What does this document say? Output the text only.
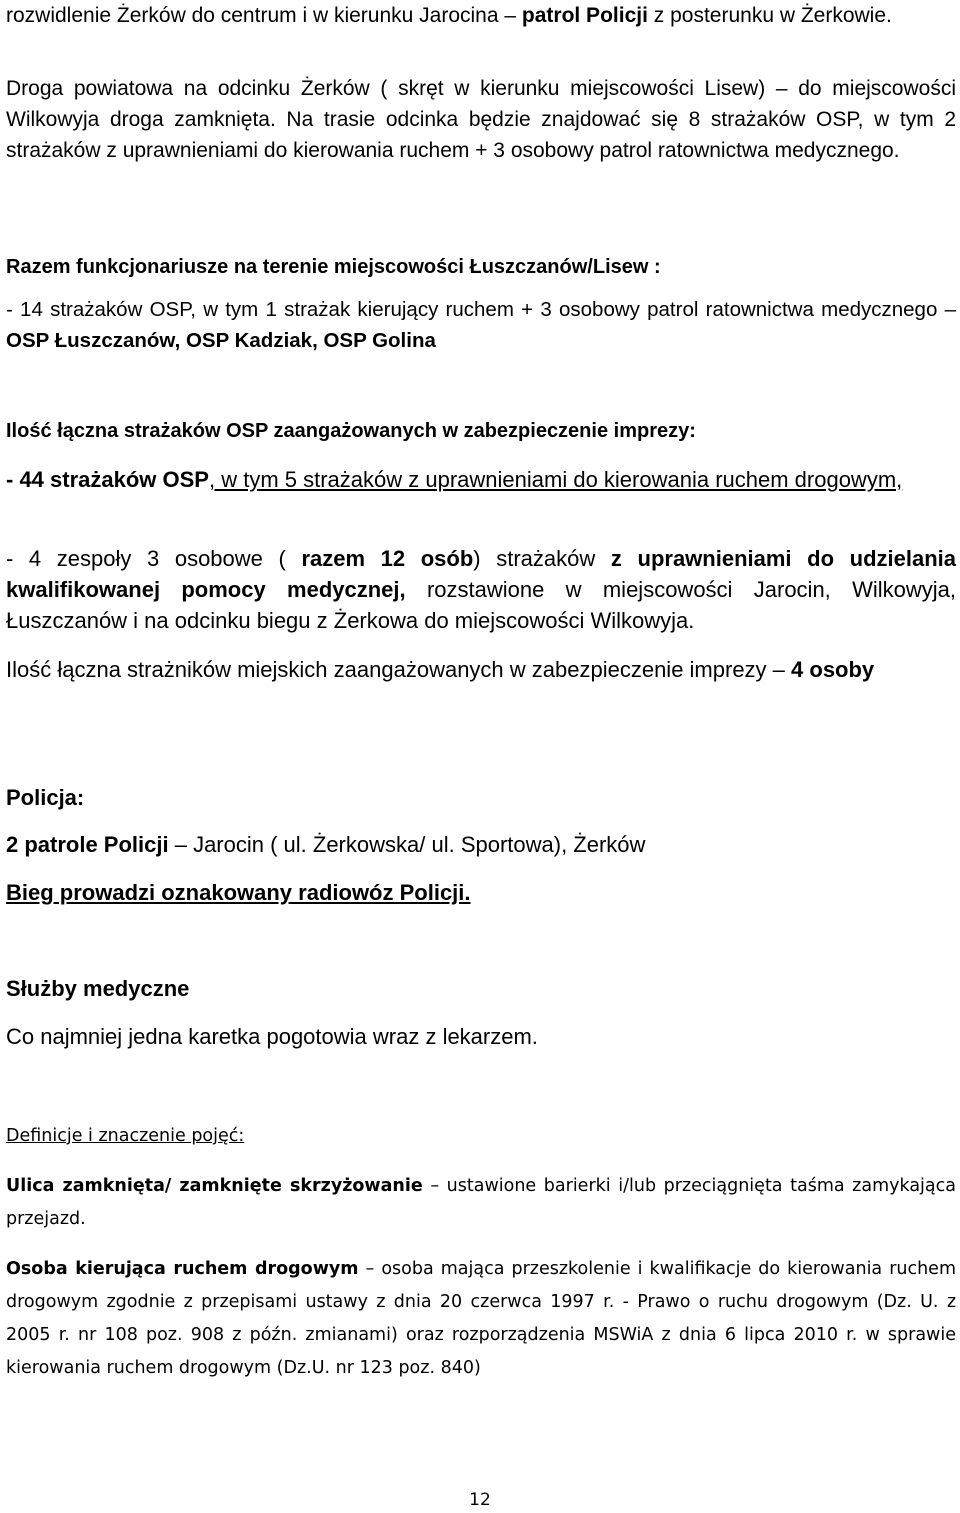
rozwidlenie Żerków do centrum i w kierunku Jarocina – patrol Policji z posterunku w Żerkowie.

Droga powiatowa na odcinku Żerków ( skręt w kierunku miejscowości Lisew) – do miejscowości Wilkowyja droga zamknięta. Na trasie odcinka będzie znajdować się 8 strażaków OSP, w tym 2 strażaków z uprawnieniami do kierowania ruchem + 3 osobowy patrol ratownictwa medycznego.

Razem funkcjonariusze na terenie miejscowości Łuszczanów/Lisew :

- 14 strażaków OSP, w tym 1 strażak kierujący ruchem + 3 osobowy patrol ratownictwa medycznego – OSP Łuszczanów, OSP Kadziak, OSP Golina

Ilość łączna strażaków OSP zaangażowanych w zabezpieczenie imprezy:

- 44 strażaków OSP, w tym 5 strażaków z uprawnieniami do kierowania ruchem drogowym,

- 4 zespoły 3 osobowe ( razem 12 osób) strażaków z uprawnieniami do udzielania kwalifikowanej pomocy medycznej, rozstawione w miejscowości Jarocin, Wilkowyja, Łuszczanów i na odcinku biegu z Żerkowa do miejscowości Wilkowyja.

Ilość łączna strażników miejskich zaangażowanych w zabezpieczenie imprezy – 4 osoby

Policja:

2 patrole Policji – Jarocin ( ul. Żerkowska/ ul. Sportowa), Żerków

Bieg prowadzi oznakowany radiowóz Policji.

Służby medyczne

Co najmniej jedna karetka pogotowia wraz z lekarzem.

Definicje i znaczenie pojęć:

Ulica zamknięta/ zamknięte skrzyżowanie – ustawione barierki i/lub przeciągnięta taśma zamykająca przejazd.

Osoba kierująca ruchem drogowym – osoba mająca przeszkolenie i kwalifikacje do kierowania ruchem drogowym zgodnie z przepisami ustawy z dnia 20 czerwca 1997 r. - Prawo o ruchu drogowym (Dz. U. z 2005 r. nr 108 poz. 908 z późn. zmianami) oraz rozporządzenia MSWiA z dnia 6 lipca 2010 r. w sprawie kierowania ruchem drogowym (Dz.U. nr 123 poz. 840)

12
